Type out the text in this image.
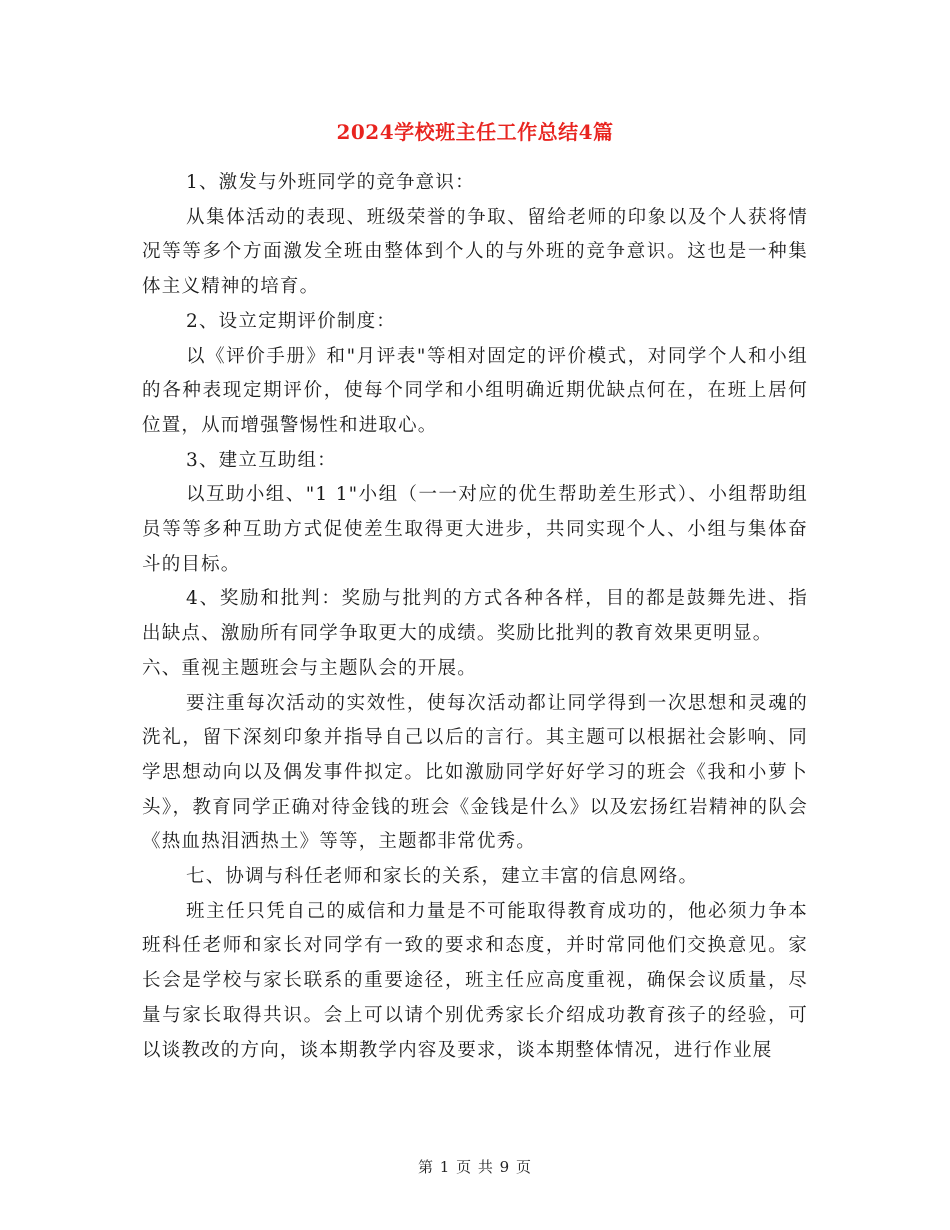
2024学校班主任工作总结4篇

1、激发与外班同学的竞争意识：

从集体活动的表现、班级荣誉的争取、留给老师的印象以及个人获将情况等等多个方面激发全班由整体到个人的与外班的竞争意识。这也是一种集体主义精神的培育。

2、设立定期评价制度：

以《评价手册》和"月评表"等相对固定的评价模式，对同学个人和小组的各种表现定期评价，使每个同学和小组明确近期优缺点何在，在班上居何位置，从而增强警惕性和进取心。

3、建立互助组：

以互助小组、"1 1"小组（一一对应的优生帮助差生形式）、小组帮助组员等等多种互助方式促使差生取得更大进步，共同实现个人、小组与集体奋斗的目标。

4、奖励和批判：奖励与批判的方式各种各样，目的都是鼓舞先进、指出缺点、激励所有同学争取更大的成绩。奖励比批判的教育效果更明显。

六、重视主题班会与主题队会的开展。

要注重每次活动的实效性，使每次活动都让同学得到一次思想和灵魂的洗礼，留下深刻印象并指导自己以后的言行。其主题可以根据社会影响、同学思想动向以及偶发事件拟定。比如激励同学好好学习的班会《我和小萝卜头》，教育同学正确对待金钱的班会《金钱是什么》以及宏扬红岩精神的队会《热血热泪洒热土》等等，主题都非常优秀。

七、协调与科任老师和家长的关系，建立丰富的信息网络。

班主任只凭自己的威信和力量是不可能取得教育成功的，他必须力争本班科任老师和家长对同学有一致的要求和态度，并时常同他们交换意见。家长会是学校与家长联系的重要途径，班主任应高度重视，确保会议质量，尽量与家长取得共识。会上可以请个别优秀家长介绍成功教育孩子的经验，可以谈教改的方向，谈本期教学内容及要求，谈本期整体情况，进行作业展

第 1 页 共 9 页
